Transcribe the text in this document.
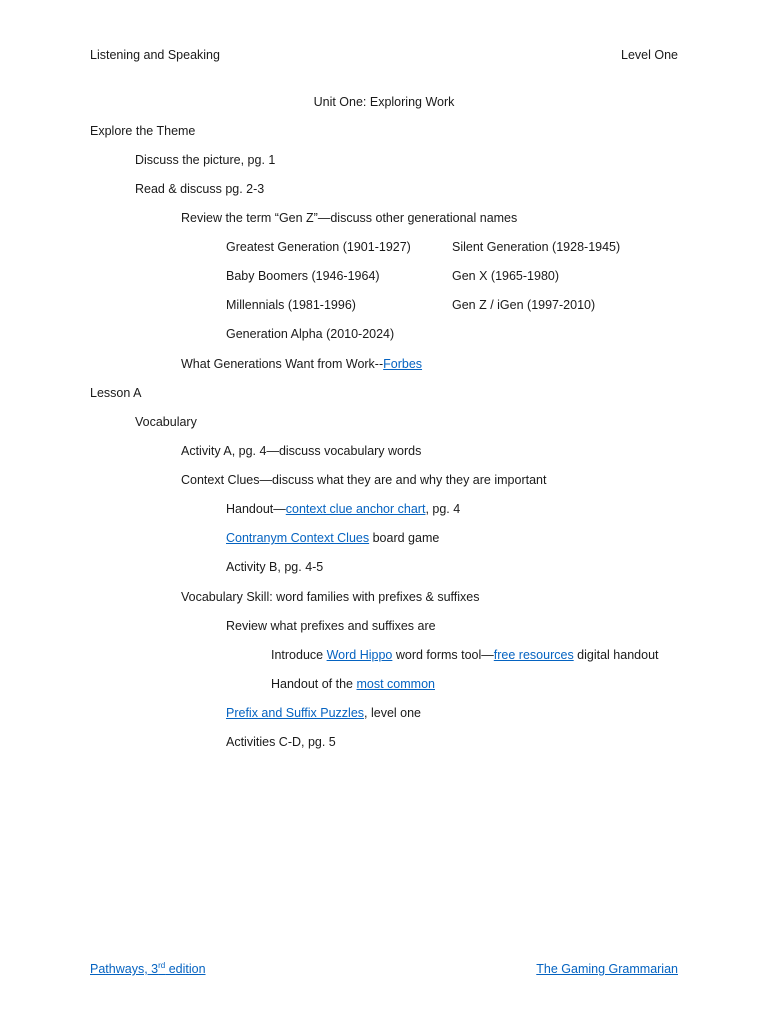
Listening and Speaking	Level One
Unit One: Exploring Work
Explore the Theme
Discuss the picture, pg. 1
Read & discuss pg. 2-3
Review the term “Gen Z”—discuss other generational names
Greatest Generation (1901-1927)	Silent Generation (1928-1945)
Baby Boomers (1946-1964)	Gen X (1965-1980)
Millennials (1981-1996)	Gen Z / iGen (1997-2010)
Generation Alpha (2010-2024)
What Generations Want from Work--Forbes
Lesson A
Vocabulary
Activity A, pg. 4—discuss vocabulary words
Context Clues—discuss what they are and why they are important
Handout—context clue anchor chart, pg. 4
Contranym Context Clues board game
Activity B, pg. 4-5
Vocabulary Skill: word families with prefixes & suffixes
Review what prefixes and suffixes are
Introduce Word Hippo word forms tool—free resources digital handout
Handout of the most common
Prefix and Suffix Puzzles, level one
Activities C-D, pg. 5
Pathways, 3rd edition	The Gaming Grammarian
